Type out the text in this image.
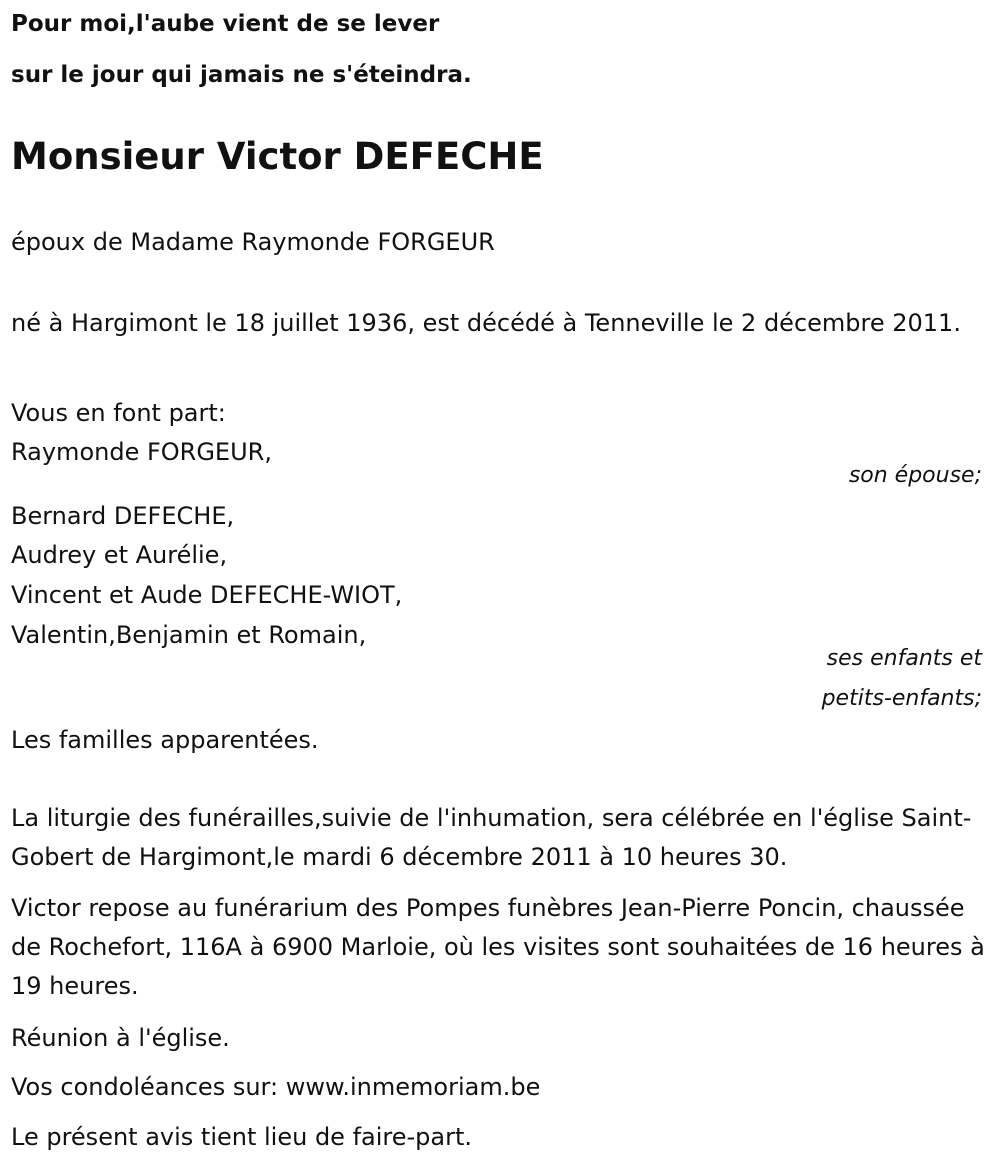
Pour moi,l'aube vient de se lever

sur le jour qui jamais ne s'éteindra.

Monsieur Victor DEFECHE

époux de Madame Raymonde FORGEUR

né à Hargimont le 18 juillet 1936, est décédé à Tenneville le 2 décembre 2011.

Vous en font part:

Raymonde FORGEUR,

son épouse;

Bernard DEFECHE,

Audrey et Aurélie,

Vincent et Aude DEFECHE-WIOT,

Valentin,Benjamin et Romain,

ses enfants et

petits-enfants;

Les familles apparentées.

La liturgie des funérailles,suivie de l'inhumation, sera célébrée en l'église Saint-Gobert de Hargimont,le mardi 6 décembre 2011 à 10 heures 30.

Victor repose au funérarium des Pompes funèbres Jean-Pierre Poncin, chaussée de Rochefort, 116A à 6900 Marloie, où les visites sont souhaitées de 16 heures à 19 heures.

Réunion à l'église.

Vos condoléances sur: www.inmemoriam.be

Le présent avis tient lieu de faire-part.
